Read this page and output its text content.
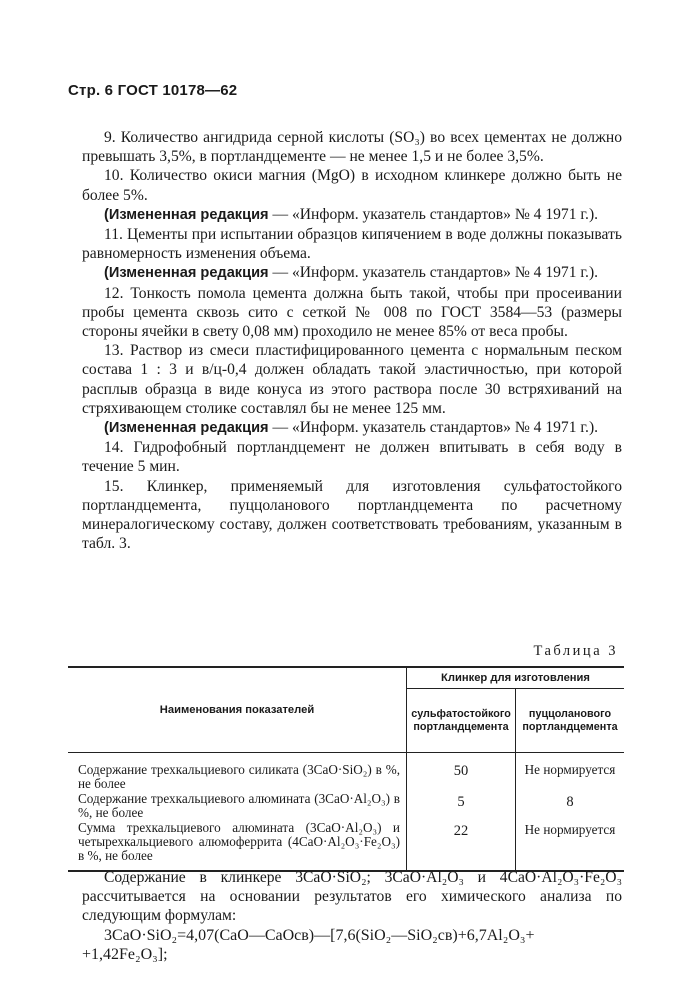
Стр. 6 ГОСТ 10178—62

9. Количество ангидрида серной кислоты (SO₃) во всех цементах не должно превышать 3,5%, в портландцементе — не менее 1,5 и не более 3,5%.

10. Количество окиси магния (MgO) в исходном клинкере должно быть не более 5%.

(Измененная редакция — «Информ. указатель стандартов» № 4 1971 г.).

11. Цементы при испытании образцов кипячением в воде должны показывать равномерность изменения объема.

(Измененная редакция — «Информ. указатель стандартов» № 4 1971 г.).

12. Тонкость помола цемента должна быть такой, чтобы при просеивании пробы цемента сквозь сито с сеткой № 008 по ГОСТ 3584—53 (размеры стороны ячейки в свету 0,08 мм) проходило не менее 85% от веса пробы.

13. Раствор из смеси пластифицированного цемента с нормальным песком состава 1 : 3 и в/ц-0,4 должен обладать такой эластичностью, при которой расплыв образца в виде конуса из этого раствора после 30 встряхиваний на стряхивающем столике составлял бы не менее 125 мм.

(Измененная редакция — «Информ. указатель стандартов» № 4 1971 г.).

14. Гидрофобный портландцемент не должен впитывать в себя воду в течение 5 мин.

15. Клинкер, применяемый для изготовления сульфатостойкого портландцемента, пуццоланового портландцемента по расчетному минералогическому составу, должен соответствовать требованиям, указанным в табл. 3.

Таблица 3
Наименования показателей	Клинкер для изготовления	
	сульфатостойкого портландцемента	пуццоланового портландцемента
Содержание трехкальциевого силиката (3CaO·SiO₂) в %, не более	50	Не нормируется
Содержание трехкальциевого алюмината (3CaO·Al₂O₃) в %, не более	5	8
Сумма трехкальциевого алюмината (3CaO·Al₂O₃) и четырехкальциевого алюмоферрита (4CaO·Al₂O₃·Fe₂O₃) в %, не более	22	Не нормируется

Содержание в клинкере 3CaO·SiO₂; 3CaO·Al₂O₃ и 4CaO·Al₂O₃·Fe₂O₃ рассчитывается на основании результатов его химического анализа по следующим формулам:

3CaO·SiO₂=4,07(CaO—CaOсв)—[7,6(SiO₂—SiO₂св)+6,7Al₂O₃+ +1,42Fe₂O₃];
